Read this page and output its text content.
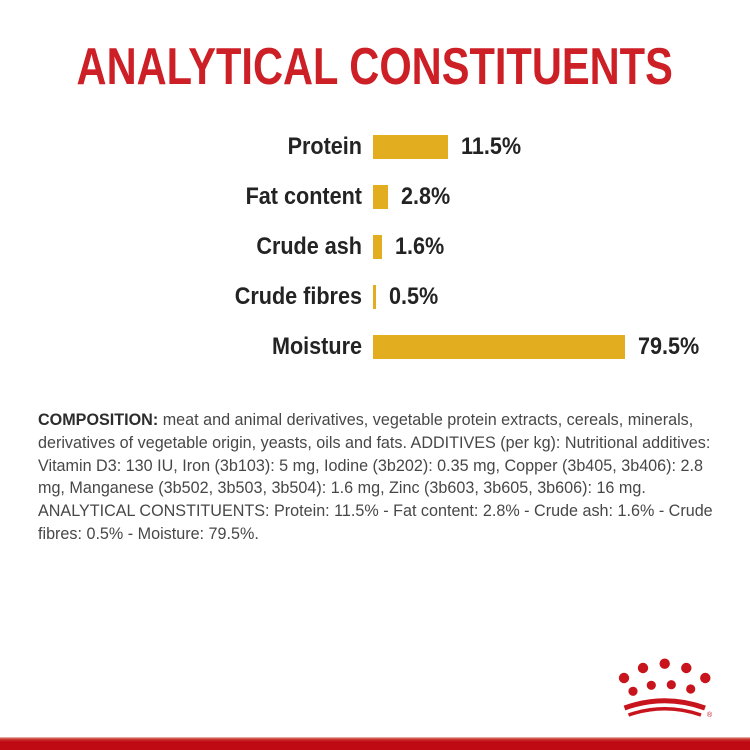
ANALYTICAL CONSTITUENTS
Protein	11.5%
Fat content 2.8%
Crude ash 1.6%
Crude fibres 0.5%
Moisture	79.5%

COMPOSITION: meat and animal derivatives, vegetable protein extracts, cereals, minerals, derivatives of vegetable origin, yeasts, oils and fats. ADDITIVES (per kg): Nutritional additives: Vitamin D3: 130 IU, Iron (3b103): 5 mg, Iodine (3b202): 0.35 mg, Copper (3b405, 3b406): 2.8 mg, Manganese (3b502, 3b503, 3b504): 1.6 mg, Zinc (3b603, 3b605, 3b606): 16 mg. ANALYTICAL CONSTITUENTS: Protein: 11.5% - Fat content: 2.8% - Crude ash: 1.6% - Crude fibres: 0.5% - Moisture: 79.5%.

®
